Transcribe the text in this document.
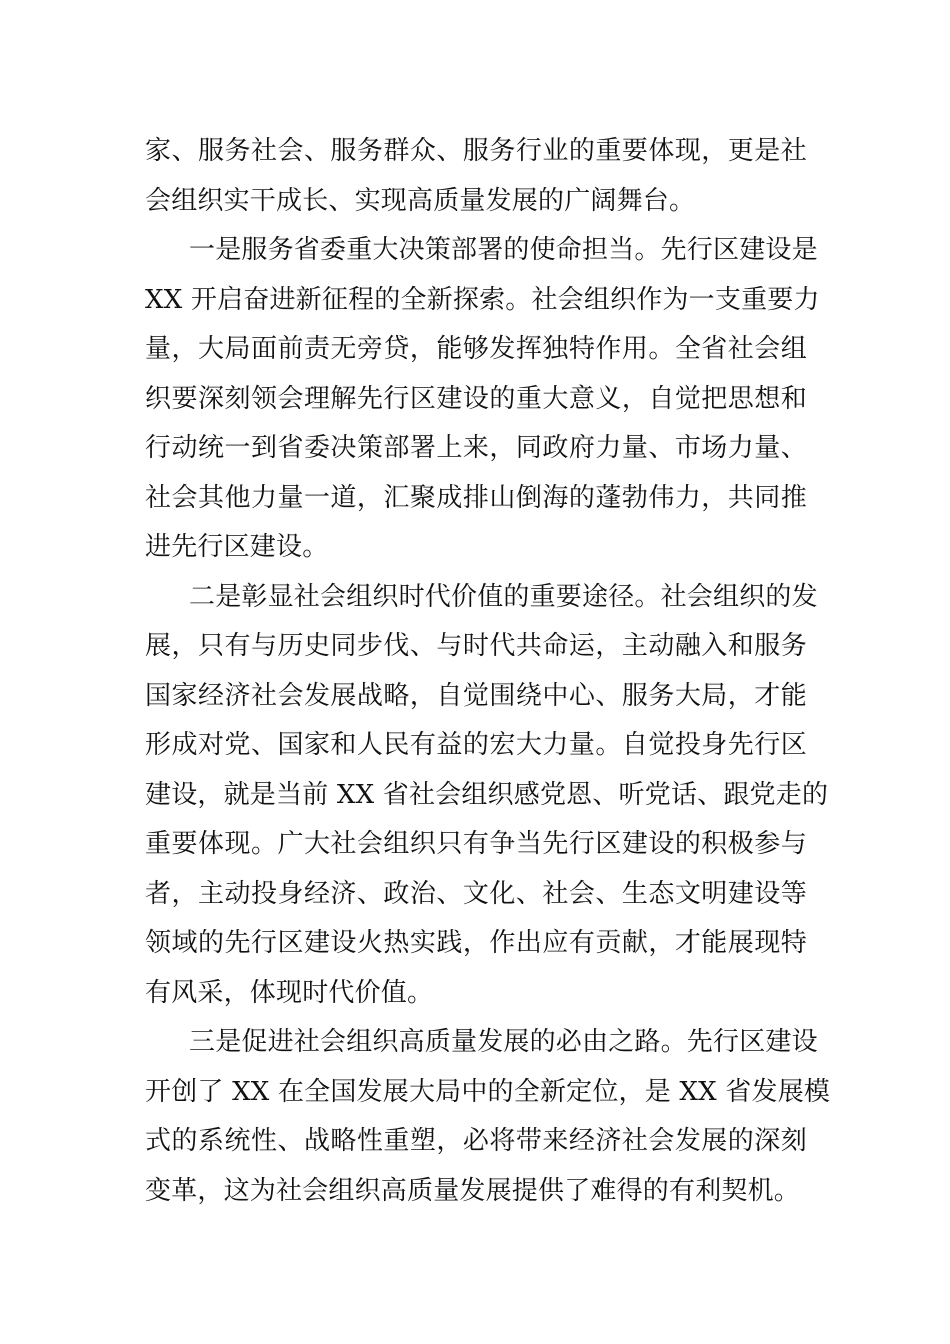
家、服务社会、服务群众、服务行业的重要体现，更是社
会组织实干成长、实现高质量发展的广阔舞台。
一是服务省委重大决策部署的使命担当。先行区建设是
XX 开启奋进新征程的全新探索。社会组织作为一支重要力
量，大局面前责无旁贷，能够发挥独特作用。全省社会组
织要深刻领会理解先行区建设的重大意义，自觉把思想和
行动统一到省委决策部署上来，同政府力量、市场力量、
社会其他力量一道，汇聚成排山倒海的蓬勃伟力，共同推
进先行区建设。
二是彰显社会组织时代价值的重要途径。社会组织的发
展，只有与历史同步伐、与时代共命运，主动融入和服务
国家经济社会发展战略，自觉围绕中心、服务大局，才能
形成对党、国家和人民有益的宏大力量。自觉投身先行区
建设，就是当前 XX 省社会组织感党恩、听党话、跟党走的
重要体现。广大社会组织只有争当先行区建设的积极参与
者，主动投身经济、政治、文化、社会、生态文明建设等
领域的先行区建设火热实践，作出应有贡献，才能展现特
有风采，体现时代价值。
三是促进社会组织高质量发展的必由之路。先行区建设
开创了 XX 在全国发展大局中的全新定位，是 XX 省发展模
式的系统性、战略性重塑，必将带来经济社会发展的深刻
变革，这为社会组织高质量发展提供了难得的有利契机。
